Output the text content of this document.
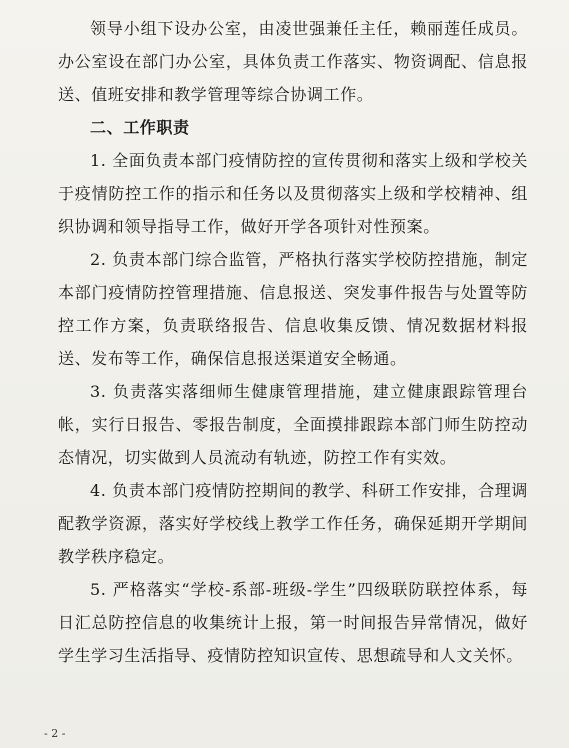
领导小组下设办公室，由凌世强兼任主任，赖丽莲任成员。办公室设在部门办公室，具体负责工作落实、物资调配、信息报送、值班安排和教学管理等综合协调工作。

二、工作职责

1. 全面负责本部门疫情防控的宣传贯彻和落实上级和学校关于疫情防控工作的指示和任务以及贯彻落实上级和学校精神、组织协调和领导指导工作，做好开学各项针对性预案。

2. 负责本部门综合监管，严格执行落实学校防控措施，制定本部门疫情防控管理措施、信息报送、突发事件报告与处置等防控工作方案，负责联络报告、信息收集反馈、情况数据材料报送、发布等工作，确保信息报送渠道安全畅通。

3. 负责落实落细师生健康管理措施，建立健康跟踪管理台帐，实行日报告、零报告制度，全面摸排跟踪本部门师生防控动态情况，切实做到人员流动有轨迹，防控工作有实效。

4. 负责本部门疫情防控期间的教学、科研工作安排，合理调配教学资源，落实好学校线上教学工作任务，确保延期开学期间教学秩序稳定。

5. 严格落实“学校-系部-班级-学生”四级联防联控体系，每日汇总防控信息的收集统计上报，第一时间报告异常情况，做好学生学习生活指导、疫情防控知识宣传、思想疏导和人文关怀。

- 2 -
